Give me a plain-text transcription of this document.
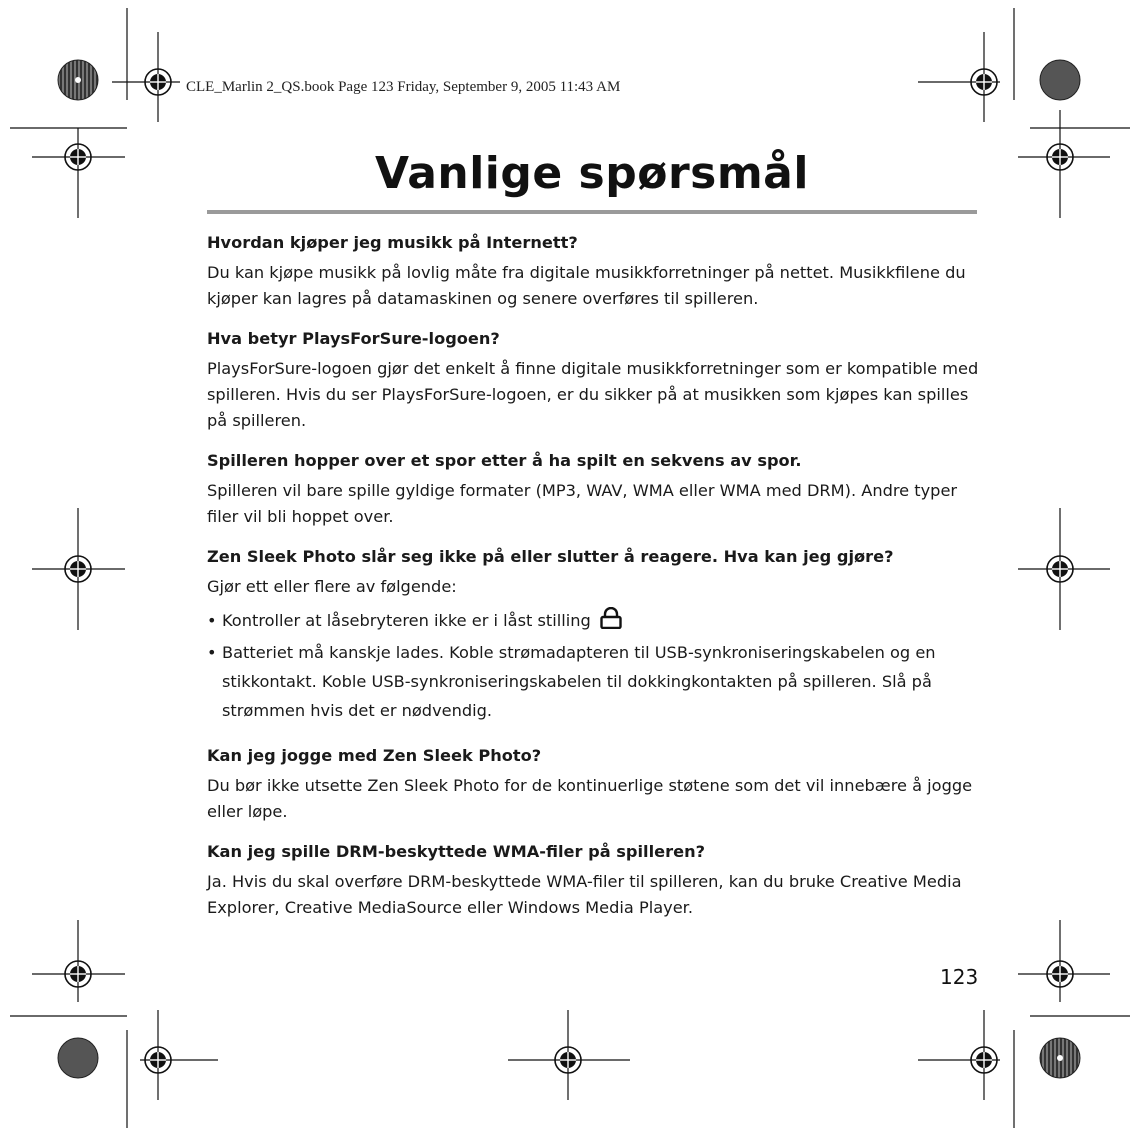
CLE_Marlin 2_QS.book Page 123 Friday, September 9, 2005 11:43 AM
Vanlige spørsmål

Hvordan kjøper jeg musikk på Internett?

Du kan kjøpe musikk på lovlig måte fra digitale musikkforretninger på nettet. Musikkfilene du kjøper kan lagres på datamaskinen og senere overføres til spilleren.

Hva betyr PlaysForSure-logoen?

PlaysForSure-logoen gjør det enkelt å finne digitale musikkforretninger som er kompatible med spilleren. Hvis du ser PlaysForSure-logoen, er du sikker på at musikken som kjøpes kan spilles på spilleren.

Spilleren hopper over et spor etter å ha spilt en sekvens av spor.

Spilleren vil bare spille gyldige formater (MP3, WAV, WMA eller WMA med DRM). Andre typer filer vil bli hoppet over.

Zen Sleek Photo slår seg ikke på eller slutter å reagere. Hva kan jeg gjøre?

Gjør ett eller flere av følgende:

• Kontroller at låsebryteren ikke er i låst stilling
• Batteriet må kanskje lades. Koble strømadapteren til USB-synkroniseringskabelen og en stikkontakt. Koble USB-synkroniseringskabelen til dokkingkontakten på spilleren. Slå på strømmen hvis det er nødvendig.

Kan jeg jogge med Zen Sleek Photo?

Du bør ikke utsette Zen Sleek Photo for de kontinuerlige støtene som det vil innebære å jogge eller løpe.

Kan jeg spille DRM-beskyttede WMA-filer på spilleren?

Ja. Hvis du skal overføre DRM-beskyttede WMA-filer til spilleren, kan du bruke Creative Media Explorer, Creative MediaSource eller Windows Media Player.

123
